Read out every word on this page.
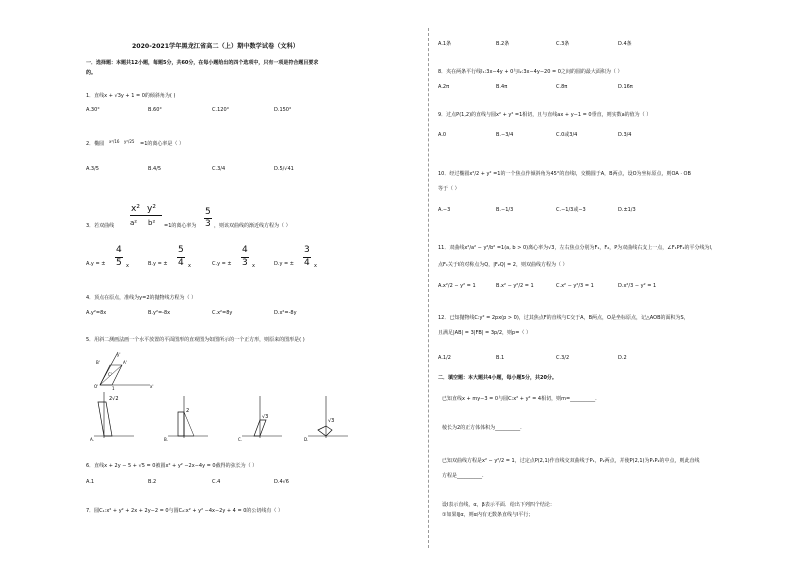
2020-2021学年黑龙江省高二（上）期中数学试卷（文科）
一．选择题：本题共12小题，每题5分，共60分，在每小题给出的四个选项中，只有一项是符合题目要求
的。
1．直线x + √3y + 1 = 0的倾斜角为( )
A.30°	B.60°	C.120°	D.150°
2．椭圆 x²/16 y²/25 =1的离心率是（ ）
A.3/5	B.4/5	C.3/4	D.5/√41
x² y²	5
3
3．若双曲线 a² b² =1的离心率为	，则该双曲线的渐近线方程为（ ）
A.y = ±
4
5 x	B.y = ±
5
4 x	C.y = ±
4
3 x	D.y = ±
3
4 x
4．顶点在原点，准线为y=2的抛物线方程为（ ）
A.y²=8x	B.y²=-8x	C.x²=8y	D.x²=-8y
5．用斜二测画法画一个水平放置的平面图形的直观图为如图所示的一个正方形，则原来的图形是( )
B'	A'
y'
C'
O'	1	x'
2√2
A.
2
B.
√3
C.
√3
D.
6．直线x + 2y − 5 + √5 = 0被圆x² + y² −2x−4y = 0截得的弦长为（ ）
A.1	B.2	C.4	D.4√6
7．圆C₁:x² + y² + 2x + 2y−2 = 0与圆C₂:x² + y² −4x−2y + 4 = 0的公切线有（ ）
A.1条	B.2条	C.3条	D.4条
8．夹在两条平行线l₁:3x−4y + 0与l₂:3x−4y−20 = 0之间的圆的最大面积为（ ）
A.2π	B.4π	C.8π	D.16π
9．过点P(1,2)的直线与圆x² + y² =1相切，且与直线ax + y−1 = 0垂直，则实数a的值为（ ）
A.0	B.−3/4	C.0或3/4	D.3/4
10．经过椭圆x²/2 + y² =1的一个焦点作倾斜角为45°的直线l，交椭圆于A，B两点，设O为坐标原点，则OA · OB
等于（ ）
A.−3	B.−1/3	C.−1/3或−3	D.±1/3
11．双曲线x²/a² − y²/b² =1(a, b > 0)离心率为√3，左右焦点分别为F₁，F₂，P为双曲线右支上一点，∠F₁PF₂的平分线为l，
点F₁关于l的对称点为Q，|F₂Q| = 2，则双曲线方程为（ ）
A.x²/2 − y² = 1	B.x² − y²/2 = 1	C.x² − y²/3 = 1	D.x²/3 − y² = 1
12．已知抛物线C:y² = 2px(p > 0)，过其焦点F的直线与C交于A，B两点，O是坐标原点，记△AOB的面积为S，
且满足|AB| = 3|FB| = 3p/2，则p=（ ）
A.1/2	B.1	C.3/2	D.2
二．填空题：本大题共4小题，每小题5分，共20分。
已知直线x + my−3 = 0与圆C:x² + y² = 4相切，则m=__________.
棱长为2的正方体体积为__________.
已知双曲线方程是x² − y²/2 = 1，过定点P(2,1)作直线交双曲线于P₁，P₂两点，并使P(2,1)为P₁P₂的中点，则此直线
方程是__________.
设l表示直线，α，β表示平面．给出下列四个结论：
①如果l∥α，则α内有无数条直线与l平行；
